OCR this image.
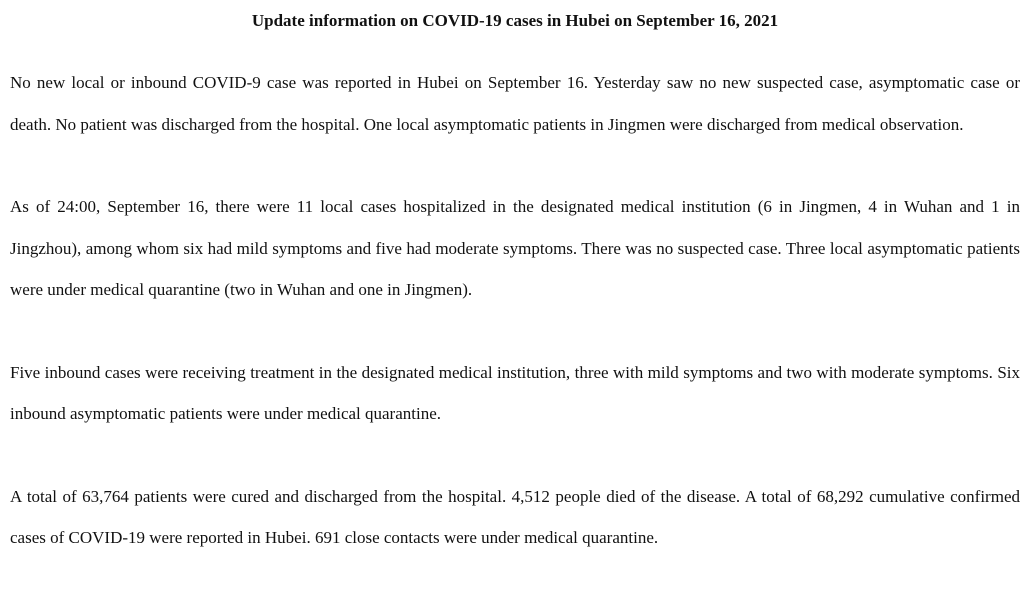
Update information on COVID-19 cases in Hubei on September 16, 2021

No new local or inbound COVID-9 case was reported in Hubei on September 16. Yesterday saw no new suspected case, asymptomatic case or death. No patient was discharged from the hospital. One local asymptomatic patients in Jingmen were discharged from medical observation.

As of 24:00, September 16, there were 11 local cases hospitalized in the designated medical institution (6 in Jingmen, 4 in Wuhan and 1 in Jingzhou), among whom six had mild symptoms and five had moderate symptoms. There was no suspected case. Three local asymptomatic patients were under medical quarantine (two in Wuhan and one in Jingmen).

Five inbound cases were receiving treatment in the designated medical institution, three with mild symptoms and two with moderate symptoms. Six inbound asymptomatic patients were under medical quarantine.

A total of 63,764 patients were cured and discharged from the hospital. 4,512 people died of the disease. A total of 68,292 cumulative confirmed cases of COVID-19 were reported in Hubei. 691 close contacts were under medical quarantine.
